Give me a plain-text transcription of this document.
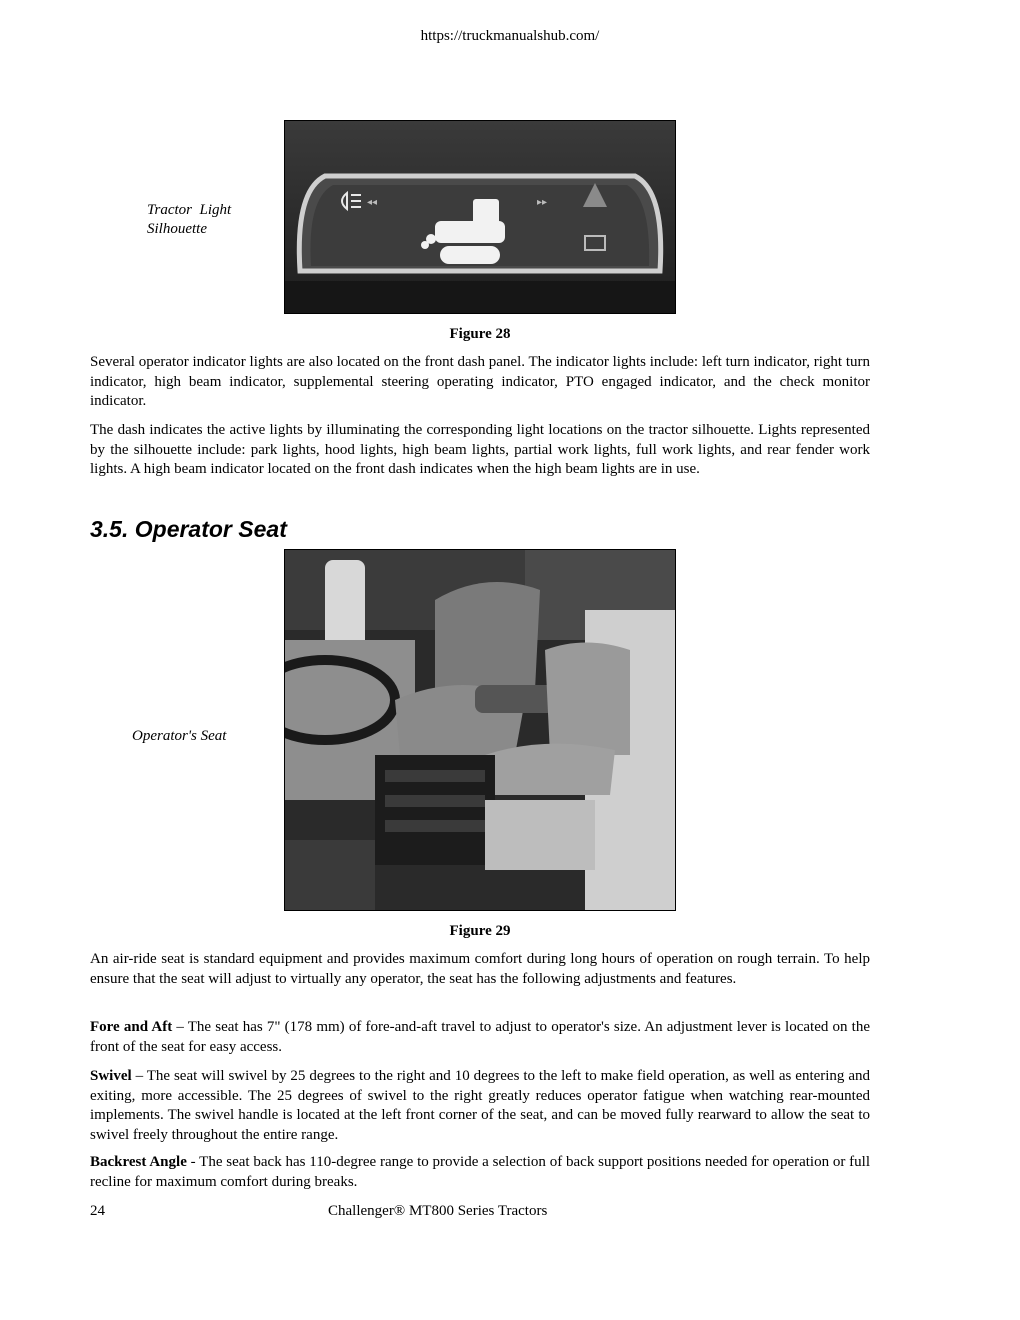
https://truckmanualshub.com/
Tractor  Light
Silhouette
◂◂	▸▸
Figure 28

Several operator indicator lights are also located on the front dash panel. The indicator lights include: left turn indicator, right turn indicator, high beam indicator, supplemental steering operating indicator, PTO engaged indicator, and the check monitor indicator.

The dash indicates the active lights by illuminating the corresponding light locations on the tractor silhouette. Lights represented by the silhouette include: park lights, hood lights, high beam lights, partial work lights, full work lights, and rear fender work lights. A high beam indicator located on the front dash indicates when the high beam lights are in use.

3.5. Operator Seat
Operator's Seat
Figure 29

An air-ride seat is standard equipment and provides maximum comfort during long hours of operation on rough terrain. To help ensure that the seat will adjust to virtually any operator, the seat has the following adjustments and features.

Fore and Aft – The seat has 7" (178 mm) of fore-and-aft travel to adjust to operator's size. An adjustment lever is located on the front of the seat for easy access.

Swivel – The seat will swivel by 25 degrees to the right and 10 degrees to the left to make field operation, as well as entering and exiting, more accessible. The 25 degrees of swivel to the right greatly reduces operator fatigue when watching rear-mounted implements. The swivel handle is located at the left front corner of the seat, and can be moved fully rearward to allow the seat to swivel freely throughout the entire range.

Backrest Angle - The seat back has 110-degree range to provide a selection of back support positions needed for operation or full recline for maximum comfort during breaks.

24	Challenger® MT800 Series Tractors
